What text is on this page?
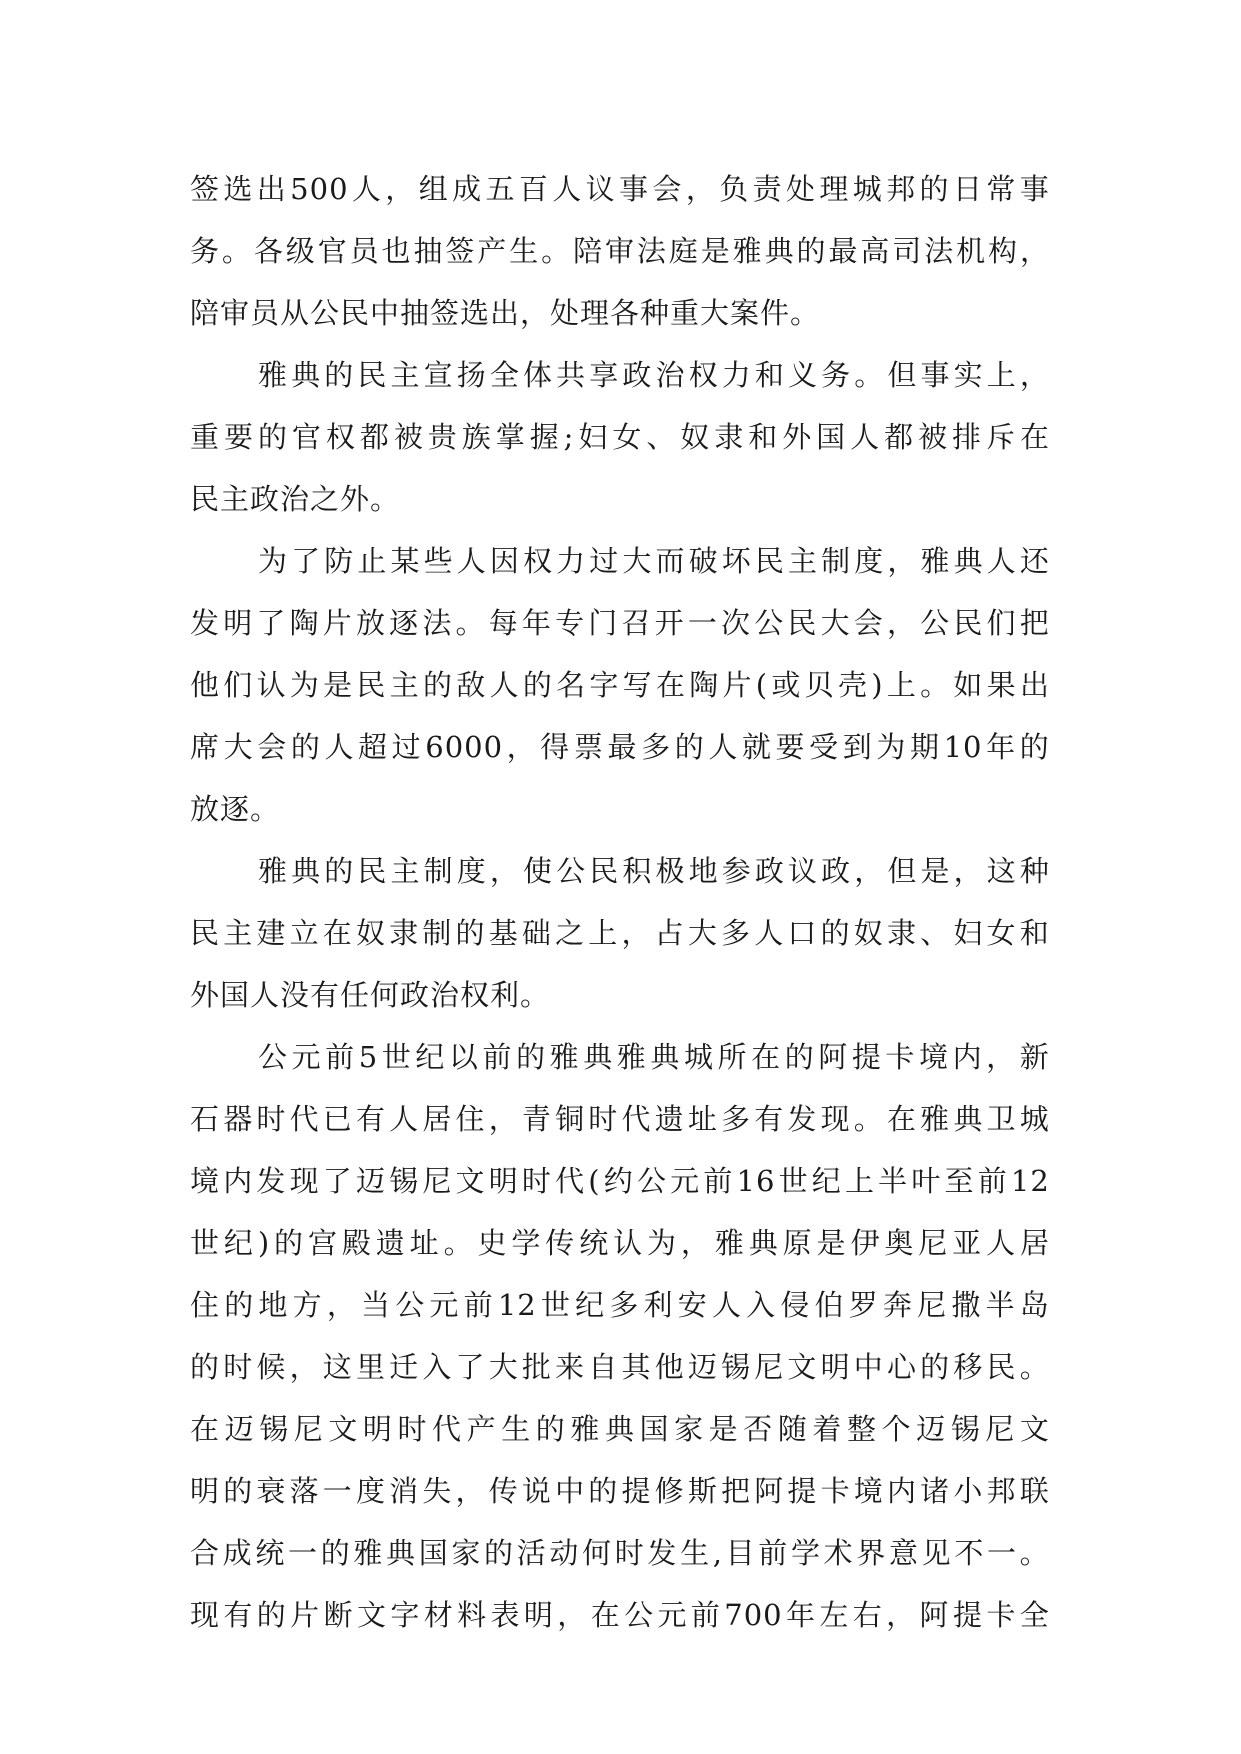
签 选 出 500 人 ， 组 成 五 百 人 议 事 会 ， 负 责 处 理 城 邦 的 日 常 事
务 。 各 级 官 员 也 抽 签 产 生 。 陪 审 法 庭 是 雅 典 的 最 高 司 法 机 构 ，
陪审员从公民中抽签选出，处理各种重大案件。
雅 典 的 民 主 宣 扬 全 体 共 享 政 治 权 力 和 义 务 。 但 事 实 上 ，
重 要 的 官 权 都 被 贵 族 掌 握 ; 妇 女 、 奴 隶 和 外 国 人 都 被 排 斥 在
民主政治之外。
为 了 防 止 某 些 人 因 权 力 过 大 而 破 坏 民 主 制 度 ， 雅 典 人 还
发 明 了 陶 片 放 逐 法 。 每 年 专 门 召 开 一 次 公 民 大 会 ， 公 民 们 把
他 们 认 为 是 民 主 的 敌 人 的 名 字 写 在 陶 片 ( 或 贝 壳 ) 上 。 如 果 出
席 大 会 的 人 超 过 6000 ， 得 票 最 多 的 人 就 要 受 到 为 期 10 年 的
放逐。
雅 典 的 民 主 制 度 ， 使 公 民 积 极 地 参 政 议 政 ， 但 是 ， 这 种
民 主 建 立 在 奴 隶 制 的 基 础 之 上 ， 占 大 多 人 口 的 奴 隶 、 妇 女 和
外国人没有任何政治权利。
公 元 前 5 世 纪 以 前 的 雅 典 雅 典 城 所 在 的 阿 提 卡 境 内 ， 新
石 器 时 代 已 有 人 居 住 ， 青 铜 时 代 遗 址 多 有 发 现 。 在 雅 典 卫 城
境 内 发 现 了 迈 锡 尼 文 明 时 代 ( 约 公 元 前 16 世 纪 上 半 叶 至 前 12
世 纪 ) 的 宫 殿 遗 址 。 史 学 传 统 认 为 ， 雅 典 原 是 伊 奥 尼 亚 人 居
住 的 地 方 ， 当 公 元 前 12 世 纪 多 利 安 人 入 侵 伯 罗 奔 尼 撒 半 岛
的 时 候 ， 这 里 迁 入 了 大 批 来 自 其 他 迈 锡 尼 文 明 中 心 的 移 民 。
在 迈 锡 尼 文 明 时 代 产 生 的 雅 典 国 家 是 否 随 着 整 个 迈 锡 尼 文
明 的 衰 落 一 度 消 失 ， 传 说 中 的 提 修 斯 把 阿 提 卡 境 内 诸 小 邦 联
合 成 统 一 的 雅 典 国 家 的 活 动 何 时 发 生 , 目 前 学 术 界 意 见 不 一 。
现 有 的 片 断 文 字 材 料 表 明 ， 在 公 元 前 700 年 左 右 ， 阿 提 卡 全
